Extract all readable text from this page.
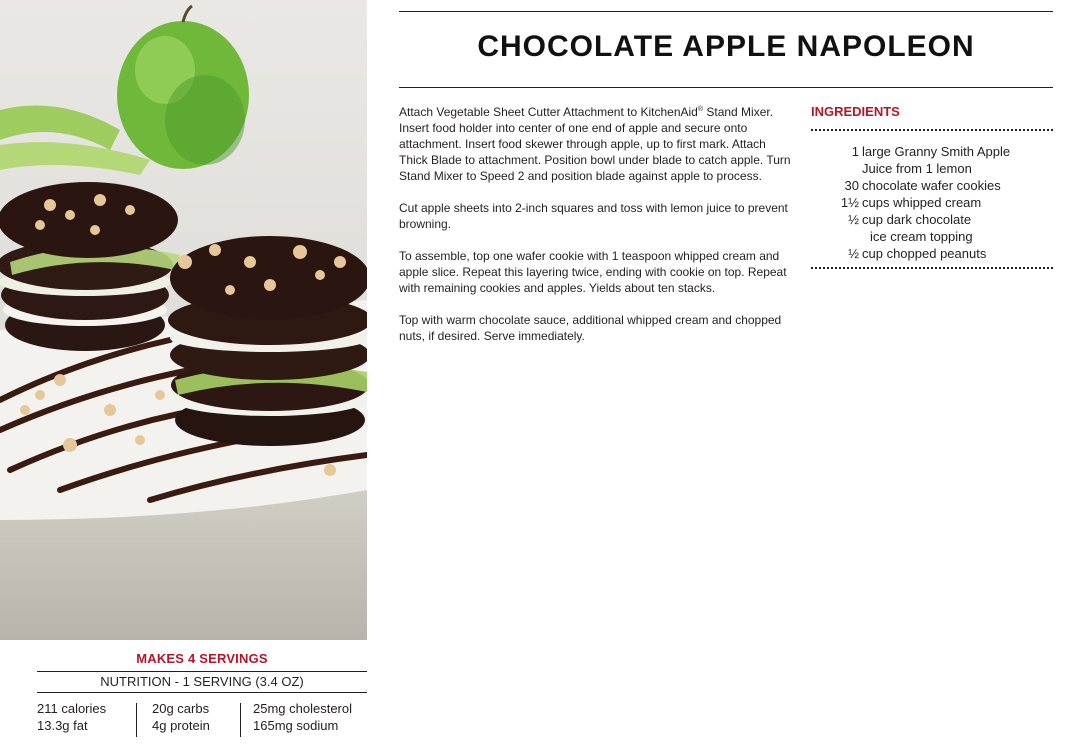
MAKES 4 SERVINGS
NUTRITION - 1 SERVING (3.4 OZ)
211 calories
13.3g fat
20g carbs
4g protein
25mg cholesterol
165mg sodium
CHOCOLATE APPLE NAPOLEON

Attach Vegetable Sheet Cutter Attachment to KitchenAid® Stand Mixer. Insert food holder into center of one end of apple and secure onto attachment. Insert food skewer through apple, up to first mark. Attach Thick Blade to attachment. Position bowl under blade to catch apple. Turn Stand Mixer to Speed 2 and position blade against apple to process.

Cut apple sheets into 2-inch squares and toss with lemon juice to prevent browning.

To assemble, top one wafer cookie with 1 teaspoon whipped cream and apple slice. Repeat this layering twice, ending with cookie on top. Repeat with remaining cookies and apples. Yields about ten stacks.

Top with warm chocolate sauce, additional whipped cream and chopped nuts, if desired. Serve immediately.

INGREDIENTS
1 large Granny Smith Apple
Juice from 1 lemon
30 chocolate wafer cookies
1½ cups whipped cream
½ cup dark chocolate
ice cream topping
½ cup chopped peanuts
